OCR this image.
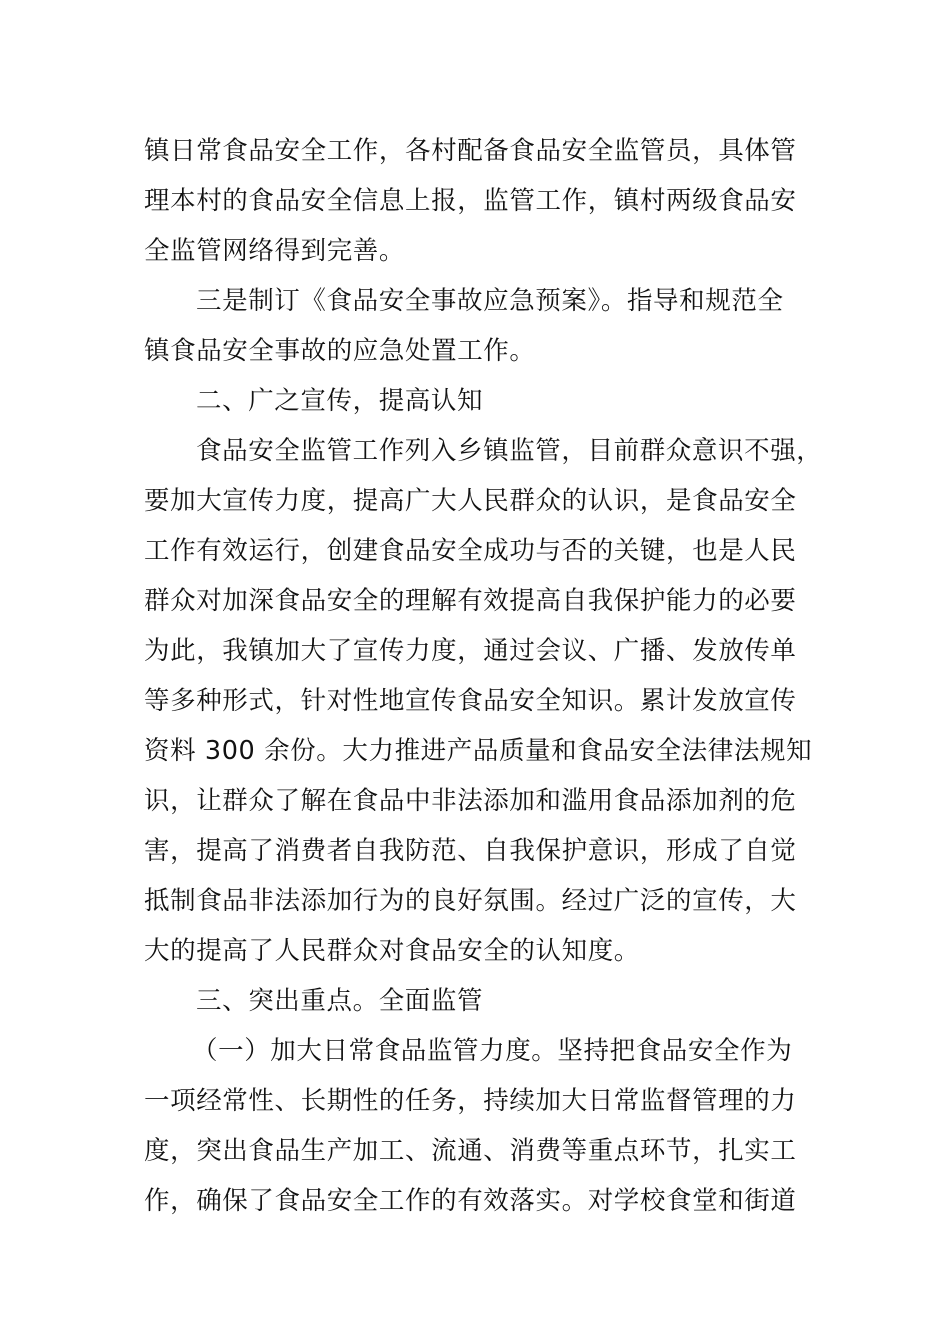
镇日常食品安全工作，各村配备食品安全监管员，具体管
理本村的食品安全信息上报，监管工作，镇村两级食品安
全监管网络得到完善。
三是制订《食品安全事故应急预案》。指导和规范全
镇食品安全事故的应急处置工作。
二、广之宣传，提高认知
食品安全监管工作列入乡镇监管，目前群众意识不强，
要加大宣传力度，提高广大人民群众的认识，是食品安全
工作有效运行，创建食品安全成功与否的关键，也是人民
群众对加深食品安全的理解有效提高自我保护能力的必要
为此，我镇加大了宣传力度，通过会议、广播、发放传单
等多种形式，针对性地宣传食品安全知识。累计发放宣传
资料 300 余份。大力推进产品质量和食品安全法律法规知
识，让群众了解在食品中非法添加和滥用食品添加剂的危
害，提高了消费者自我防范、自我保护意识，形成了自觉
抵制食品非法添加行为的良好氛围。经过广泛的宣传，大
大的提高了人民群众对食品安全的认知度。
三、突出重点。全面监管
（一）加大日常食品监管力度。坚持把食品安全作为
一项经常性、长期性的任务，持续加大日常监督管理的力
度，突出食品生产加工、流通、消费等重点环节，扎实工
作，确保了食品安全工作的有效落实。对学校食堂和街道
